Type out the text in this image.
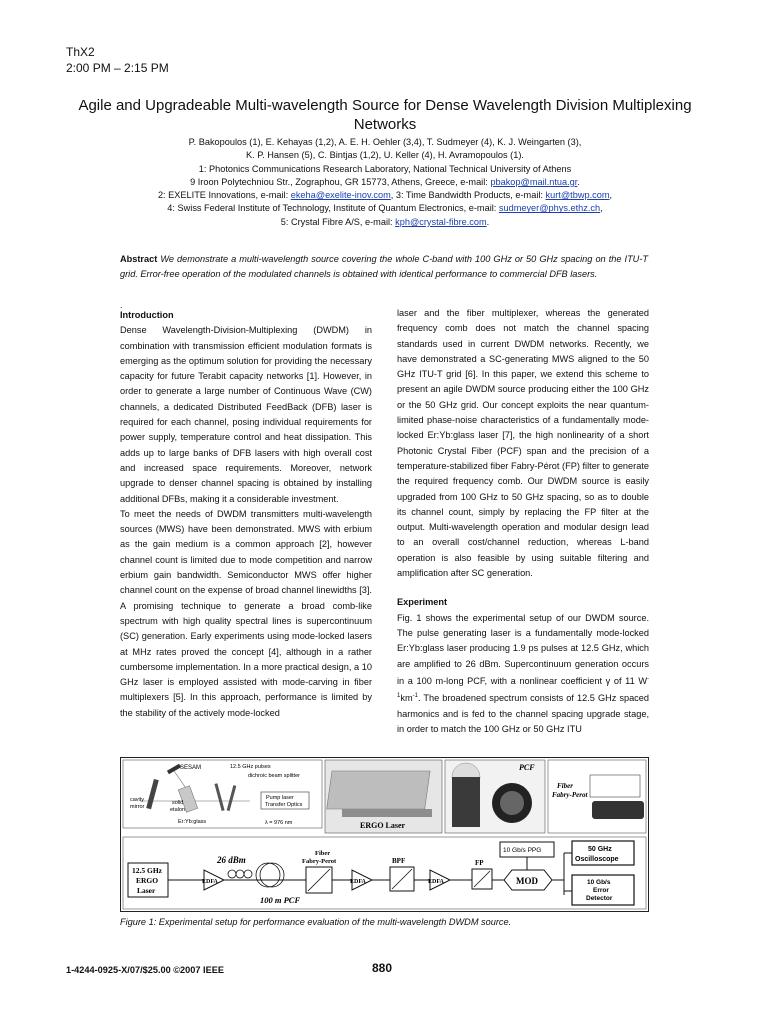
ThX2
2:00 PM – 2:15 PM
Agile and Upgradeable Multi-wavelength Source for Dense Wavelength Division Multiplexing Networks
P. Bakopoulos (1), E. Kehayas (1,2), A. E. H. Oehler (3,4), T. Sudmeyer (4), K. J. Weingarten (3),
K. P. Hansen (5), C. Bintjas (1,2), U. Keller (4), H. Avramopoulos (1).
1: Photonics Communications Research Laboratory, National Technical University of Athens
9 Iroon Polytechniou Str., Zographou, GR 15773, Athens, Greece, e-mail: pbakop@mail.ntua.gr.
2: EXELITE Innovations, e-mail: ekeha@exelite-inov.com, 3: Time Bandwidth Products, e-mail: kurt@tbwp.com,
4: Swiss Federal Institute of Technology, Institute of Quantum Electronics, e-mail: sudmeyer@phys.ethz.ch,
5: Crystal Fibre A/S, e-mail: kph@crystal-fibre.com.
Abstract We demonstrate a multi-wavelength source covering the whole C-band with 100 GHz or 50 GHz spacing on the ITU-T grid. Error-free operation of the modulated channels is obtained with identical performance to commercial DFB lasers.
.

Introduction

Dense Wavelength-Division-Multiplexing (DWDM) in combination with transmission efficient modulation formats is emerging as the optimum solution for providing the necessary capacity for future Terabit capacity networks [1]. However, in order to generate a large number of Continuous Wave (CW) channels, a dedicated Distributed FeedBack (DFB) laser is required for each channel, posing individual requirements for power supply, temperature control and heat dissipation. This adds up to large banks of DFB lasers with high overall cost and increased space requirements. Moreover, network upgrade to denser channel spacing is obtained by installing additional DFBs, making it a considerable investment.

To meet the needs of DWDM transmitters multi-wavelength sources (MWS) have been demonstrated. MWS with erbium as the gain medium is a common approach [2], however channel count is limited due to mode competition and narrow erbium gain bandwidth. Semiconductor MWS offer higher channel count on the expense of broad channel linewidths [3]. A promising technique to generate a broad comb-like spectrum with high quality spectral lines is supercontinuum (SC) generation. Early experiments using mode-locked lasers at MHz rates proved the concept [4], although in a rather cumbersome implementation. In a more practical design, a 10 GHz laser is employed assisted with mode-carving in fiber multiplexers [5]. In this approach, performance is limited by the stability of the actively mode-locked

laser and the fiber multiplexer, whereas the generated frequency comb does not match the channel spacing standards used in current DWDM networks. Recently, we have demonstrated a SC-generating MWS aligned to the 50 GHz ITU-T grid [6]. In this paper, we extend this scheme to present an agile DWDM source producing either the 100 GHz or the 50 GHz grid. Our concept exploits the near quantum-limited phase-noise characteristics of a fundamentally mode-locked Er:Yb:glass laser [7], the high nonlinearity of a short Photonic Crystal Fiber (PCF) span and the precision of a temperature-stabilized fiber Fabry-Pérot (FP) filter to generate the required frequency comb. Our DWDM source is easily upgraded from 100 GHz to 50 GHz spacing, so as to double its channel count, simply by replacing the FP filter at the output. Multi-wavelength operation and modular design lead to an overall cost/channel reduction, whereas L-band operation is also feasible by using suitable filtering and amplification after SC generation.

Experiment

Fig. 1 shows the experimental setup of our DWDM source. The pulse generating laser is a fundamentally mode-locked Er:Yb:glass laser producing 1.9 ps pulses at 12.5 GHz, which are amplified to 26 dBm. Supercontinuum generation occurs in a 100 m-long PCF, with a nonlinear coefficient γ of 11 $W^{-1}km^{-1}$. The broadened spectrum consists of 12.5 GHz spaced harmonics and is fed to the channel spacing upgrade stage, in order to match the 100 GHz or 50 GHz ITU

SESAM	12.5 GHz pulses
dichroic beam splitter
cavity
mirror
solid
etalon
Er:Yb:glass
Pump laser
Transfer Optics
λ = 976 nm	ERGO Laser
PCF
Fiber
Fabry-Perot
12.5 GHz
ERGO
Laser
EDFA
26 dBm
100 m PCF
Fiber
Fabry-Perot
EDFA
BPF
EDFA
FP
10 Gb/s PPG
MOD
50 GHz
Oscilloscope
10 Gb/s
Error
Detector
Figure 1: Experimental setup for performance evaluation of the multi-wavelength DWDM source.
1-4244-0925-X/07/$25.00 ©2007 IEEE	880
